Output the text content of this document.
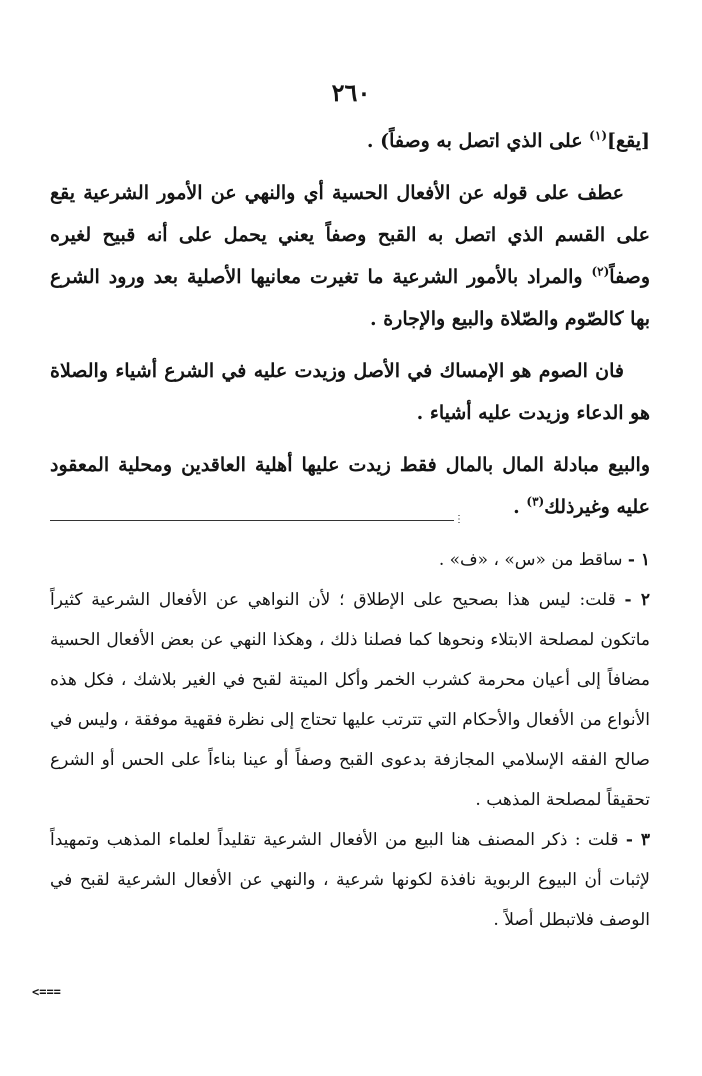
٢٦٠

[يقع]$^{(١)}$ على الذي اتصل به وصفاً) .

عطف على قوله عن الأفعال الحسية أي والنهي عن الأمور الشرعية يقع على القسم الذي اتصل به القبح وصفاً يعني يحمل على أنه قبيح لغيره وصفاً$^{(٢)}$ والمراد بالأمور الشرعية ما تغيرت معانيها الأصلية بعد ورود الشرع بها كالصّوم والصّلاة والبيع والإجارة .

فان الصوم هو الإمساك في الأصل وزيدت عليه في الشرع أشياء والصلاة هو الدعاء وزيدت عليه أشياء .

والبيع مبادلة المال بالمال فقط زيدت عليها أهلية العاقدين ومحلية المعقود عليه وغيرذلك$^{(٣)}$ .

⋮

١ - ساقط من «س» ، «ف» .

٢ - قلت: ليس هذا بصحيح على الإطلاق ؛ لأن النواهي عن الأفعال الشرعية كثيراً ماتكون لمصلحة الابتلاء ونحوها كما فصلنا ذلك ، وهكذا النهي عن بعض الأفعال الحسية مضافاً إلى أعيان محرمة كشرب الخمر وأكل الميتة لقبح في الغير بلاشك ، فكل هذه الأنواع من الأفعال والأحكام التي تترتب عليها تحتاج إلى نظرة فقهية موفقة ، وليس في صالح الفقه الإسلامي المجازفة بدعوى القبح وصفاً أو عينا بناءاً على الحس أو الشرع تحقيقاً لمصلحة المذهب .

٣ - قلت : ذكر المصنف هنا البيع من الأفعال الشرعية تقليداً لعلماء المذهب وتمهيداً لإثبات أن البيوع الربوية نافذة لكونها شرعية ، والنهي عن الأفعال الشرعية لقبح في الوصف فلاتبطل أصلاً .

<===
